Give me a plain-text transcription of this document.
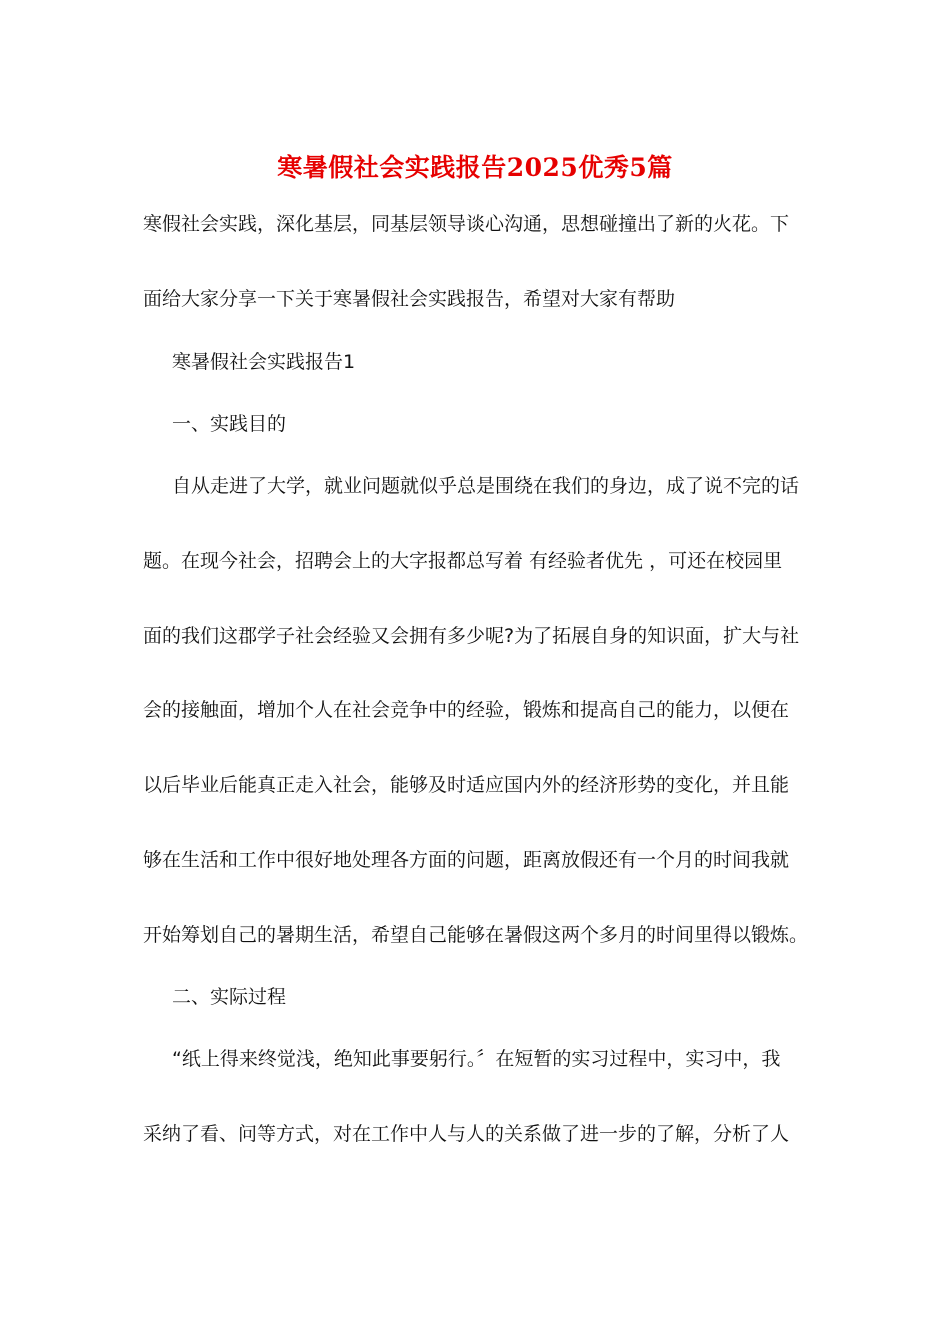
寒暑假社会实践报告2025优秀5篇
寒假社会实践，深化基层，同基层领导谈心沟通，思想碰撞出了新的火花。下
面给大家分享一下关于寒暑假社会实践报告，希望对大家有帮助
寒暑假社会实践报告1
一、实践目的
自从走进了大学，就业问题就似乎总是围绕在我们的身边，成了说不完的话
题。在现今社会，招聘会上的大字报都总写着 有经验者优先 ，可还在校园里
面的我们这郡学子社会经验又会拥有多少呢?为了拓展自身的知识面，扩大与社
会的接触面，增加个人在社会竞争中的经验，锻炼和提高自己的能力，以便在
以后毕业后能真正走入社会，能够及时适应国内外的经济形势的变化，并且能
够在生活和工作中很好地处理各方面的问题，距离放假还有一个月的时间我就
开始筹划自己的暑期生活，希望自己能够在暑假这两个多月的时间里得以锻炼。
二、实际过程
“纸上得来终觉浅，绝知此事要躬行。〞在短暂的实习过程中，实习中，我
采纳了看、问等方式，对在工作中人与人的关系做了进一步的了解，分析了人
